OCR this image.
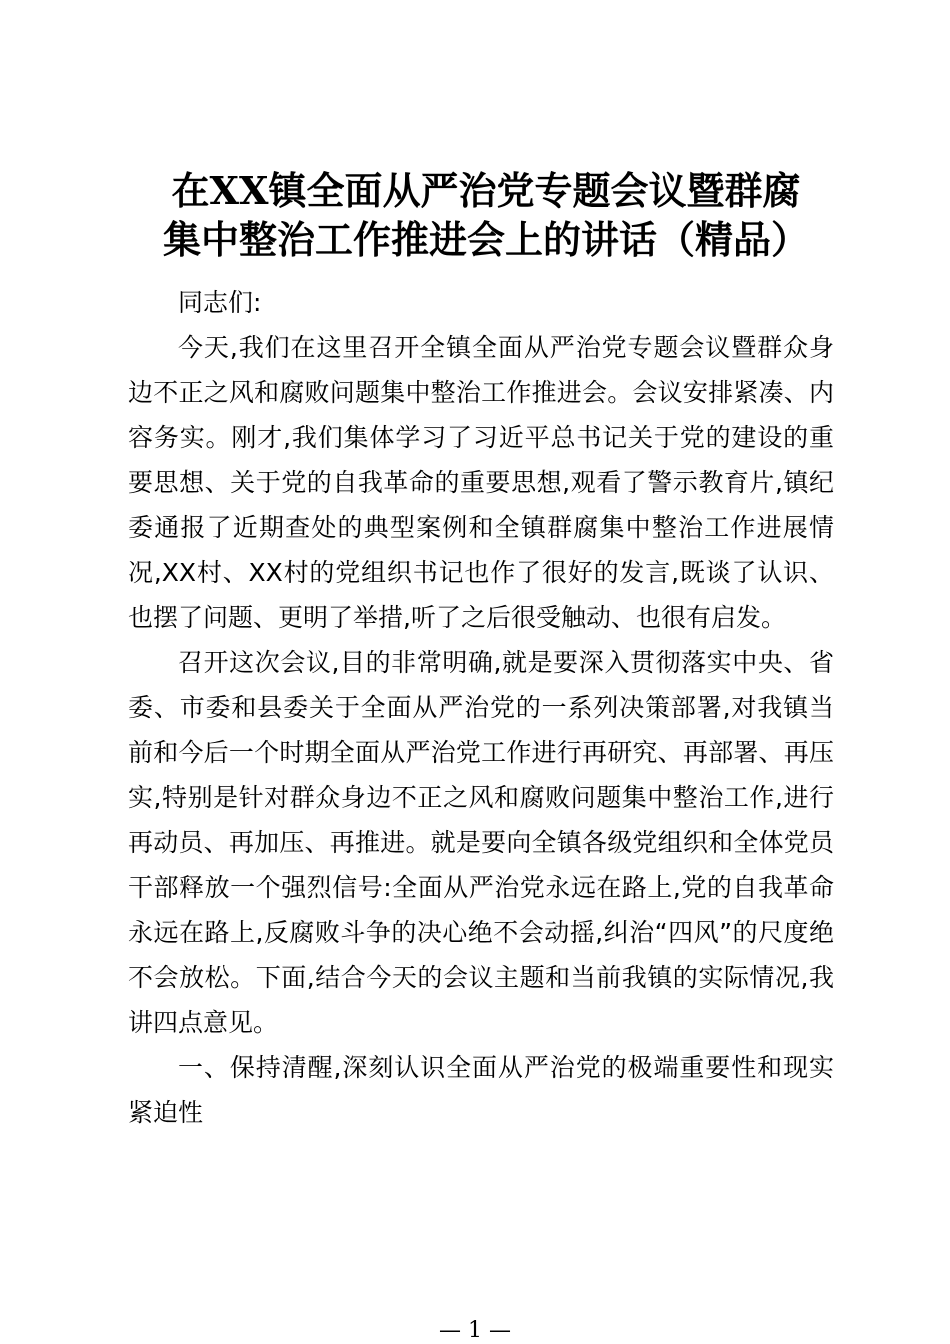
在XX镇全面从严治党专题会议暨群腐
集中整治工作推进会上的讲话（精品）

同志们:

今天,我们在这里召开全镇全面从严治党专题会议暨群众身边不正之风和腐败问题集中整治工作推进会。会议安排紧凑、内容务实。刚才,我们集体学习了习近平总书记关于党的建设的重要思想、关于党的自我革命的重要思想,观看了警示教育片,镇纪委通报了近期查处的典型案例和全镇群腐集中整治工作进展情况,XX村、XX村的党组织书记也作了很好的发言,既谈了认识、也摆了问题、更明了举措,听了之后很受触动、也很有启发。

召开这次会议,目的非常明确,就是要深入贯彻落实中央、省委、市委和县委关于全面从严治党的一系列决策部署,对我镇当前和今后一个时期全面从严治党工作进行再研究、再部署、再压实,特别是针对群众身边不正之风和腐败问题集中整治工作,进行再动员、再加压、再推进。就是要向全镇各级党组织和全体党员干部释放一个强烈信号:全面从严治党永远在路上,党的自我革命永远在路上,反腐败斗争的决心绝不会动摇,纠治“四风”的尺度绝不会放松。下面,结合今天的会议主题和当前我镇的实际情况,我讲四点意见。

一、保持清醒,深刻认识全面从严治党的极端重要性和现实紧迫性

— 1 —
